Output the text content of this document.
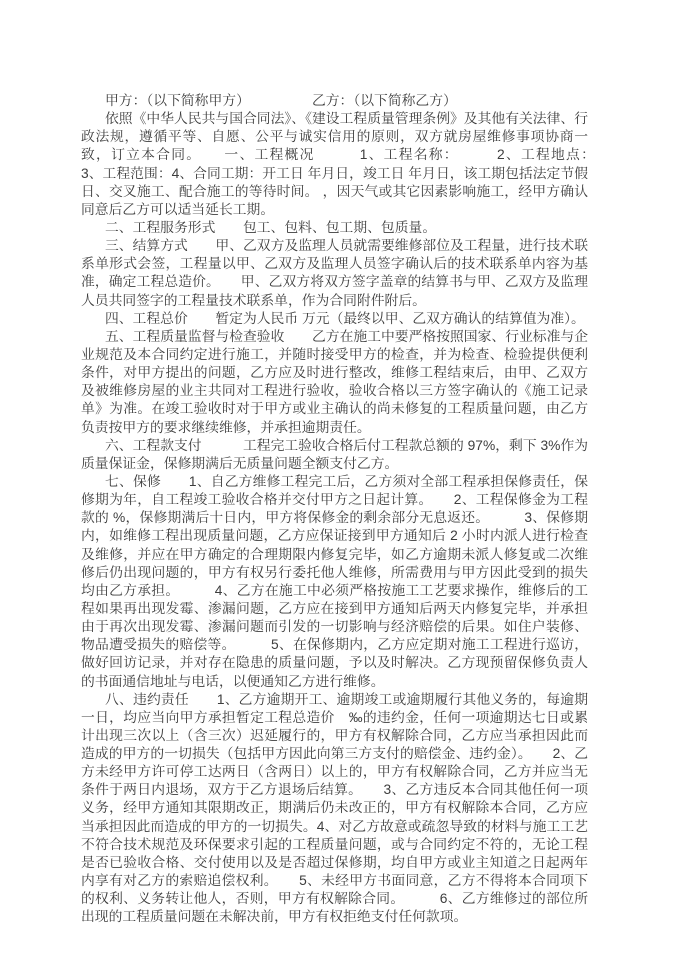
甲方：（以下简称甲方）　　　　　乙方：（以下简称乙方）

依照《中华人民共与国合同法》、《建设工程质量管理条例》及其他有关法律、行政法规，遵循平等、自愿、公平与诚实信用的原则，双方就房屋维修事项协商一致，订立本合同。　　一、工程概况　　　1、工程名称：　　　2、工程地点：　　　3、工程范围：4、合同工期：开工日 年月日，竣工日 年月日，该工期包括法定节假日、交叉施工、配合施工的等待时间。 ，因天气或其它因素影响施工，经甲方确认同意后乙方可以适当延长工期。

二、工程服务形式　　包工、包料、包工期、包质量。

三、结算方式　　甲、乙双方及监理人员就需要维修部位及工程量，进行技术联系单形式会签，工程量以甲、乙双方及监理人员签字确认后的技术联系单内容为基准，确定工程总造价。　　甲、乙双方将双方签字盖章的结算书与甲、乙双方及监理人员共同签字的工程量技术联系单，作为合同附件附后。

四、工程总价　　暂定为人民币 万元（最终以甲、乙双方确认的结算值为准）。

五、工程质量监督与检查验收　　乙方在施工中要严格按照国家、行业标准与企业规范及本合同约定进行施工，并随时接受甲方的检查，并为检查、检验提供便利条件，对甲方提出的问题，乙方应及时进行整改，维修工程结束后，由甲、乙双方及被维修房屋的业主共同对工程进行验收，验收合格以三方签字确认的《施工记录单》为准。在竣工验收时对于甲方或业主确认的尚未修复的工程质量问题，由乙方负责按甲方的要求继续维修，并承担逾期责任。

六、工程款支付　　　工程完工验收合格后付工程款总额的 97%，剩下 3%作为质量保证金，保修期满后无质量问题全额支付乙方。

七、保修　　1、自乙方维修工程完工后，乙方须对全部工程承担保修责任，保修期为年，自工程竣工验收合格并交付甲方之日起计算。　　2、工程保修金为工程款的 %，保修期满后十日内，甲方将保修金的剩余部分无息返还。　　　3、保修期内，如维修工程出现质量问题，乙方应保证接到甲方通知后 2 小时内派人进行检查及维修，并应在甲方确定的合理期限内修复完毕，如乙方逾期未派人修复或二次维修后仍出现问题的，甲方有权另行委托他人维修，所需费用与甲方因此受到的损失均由乙方承担。　　　4、乙方在施工中必须严格按施工工艺要求操作，维修后的工程如果再出现发霉、渗漏问题，乙方应在接到甲方通知后两天内修复完毕，并承担由于再次出现发霉、渗漏问题而引发的一切影响与经济赔偿的后果。如住户装修、物品遭受损失的赔偿等。　　　5、在保修期内，乙方应定期对施工工程进行巡访，做好回访记录，并对存在隐患的质量问题，予以及时解决。乙方现预留保修负责人的书面通信地址与电话，以便通知乙方进行维修。

八、违约责任　　1、乙方逾期开工、逾期竣工或逾期履行其他义务的，每逾期一日，均应当向甲方承担暂定工程总造价　‰的违约金，任何一项逾期达七日或累计出现三次以上（含三次）迟延履行的，甲方有权解除合同，乙方应当承担因此而造成的甲方的一切损失（包括甲方因此向第三方支付的赔偿金、违约金）。　　2、乙方未经甲方许可停工达两日（含两日）以上的，甲方有权解除合同，乙方并应当无条件于两日内退场，双方于乙方退场后结算。　　3、乙方违反本合同其他任何一项义务，经甲方通知其限期改正，期满后仍未改正的，甲方有权解除本合同，乙方应当承担因此而造成的甲方的一切损失。4、对乙方故意或疏忽导致的材料与施工工艺不符合技术规范及环保要求引起的工程质量问题，或与合同约定不符的，无论工程是否已验收合格、交付使用以及是否超过保修期，均自甲方或业主知道之日起两年内享有对乙方的索赔追偿权利。　　5、未经甲方书面同意，乙方不得将本合同项下的权利、义务转让他人，否则，甲方有权解除合同。　　　6、乙方维修过的部位所出现的工程质量问题在未解决前，甲方有权拒绝支付任何款项。
